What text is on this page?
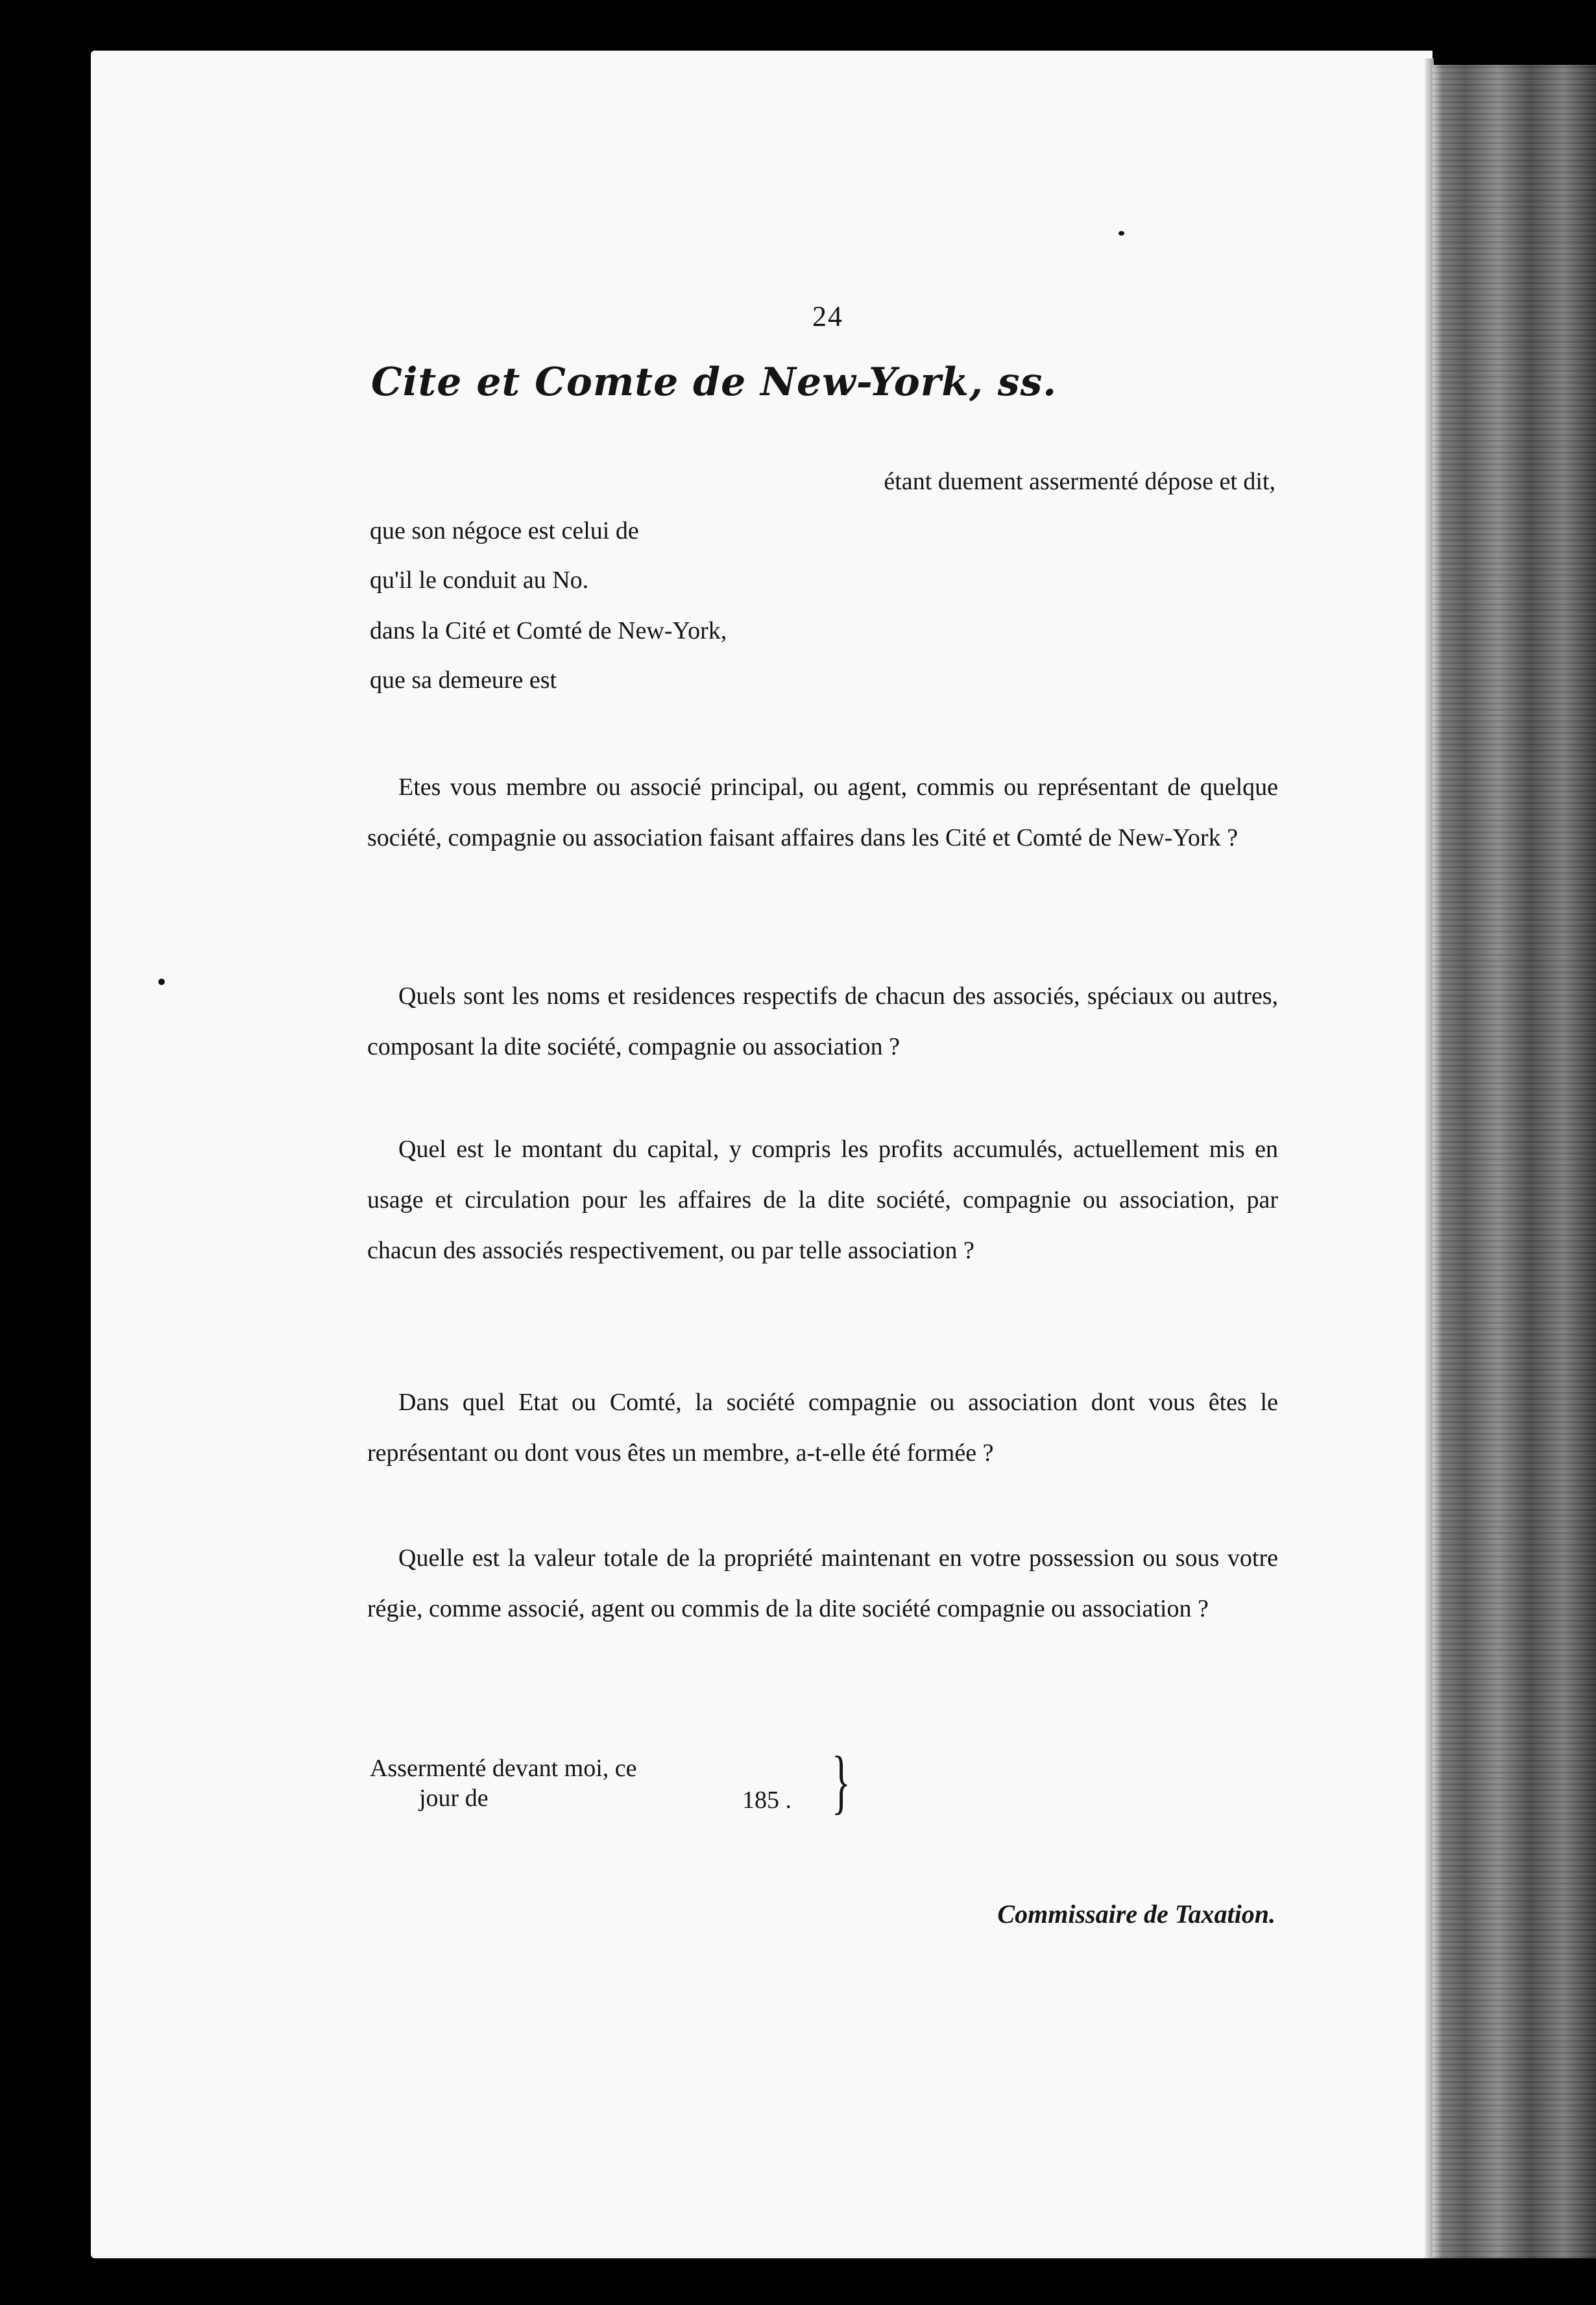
24
Cite et Comte de New-York, ss.
étant duement assermenté dépose et dit,
que son négoce est celui de
qu'il le conduit au No.
dans la Cité et Comté de New-York,
que sa demeure est
Etes vous membre ou associé principal, ou agent, commis ou représentant de quelque société, compagnie ou association faisant affaires dans les Cité et Comté de New-York ?
Quels sont les noms et residences respectifs de chacun des associés, spéciaux ou autres, composant la dite société, compagnie ou association ?
Quel est le montant du capital, y compris les profits accumulés, actuellement mis en usage et circulation pour les affaires de la dite société, compagnie ou association, par chacun des associés respectivement, ou par telle association ?
Dans quel Etat ou Comté, la société compagnie ou association dont vous êtes le représentant ou dont vous êtes un membre, a-t-elle été formée ?
Quelle est la valeur totale de la propriété maintenant en votre possession ou sous votre régie, comme associé, agent ou commis de la dite société compagnie ou association ?
Assermenté devant moi, ce
jour de	185 . }
Commissaire de Taxation.
